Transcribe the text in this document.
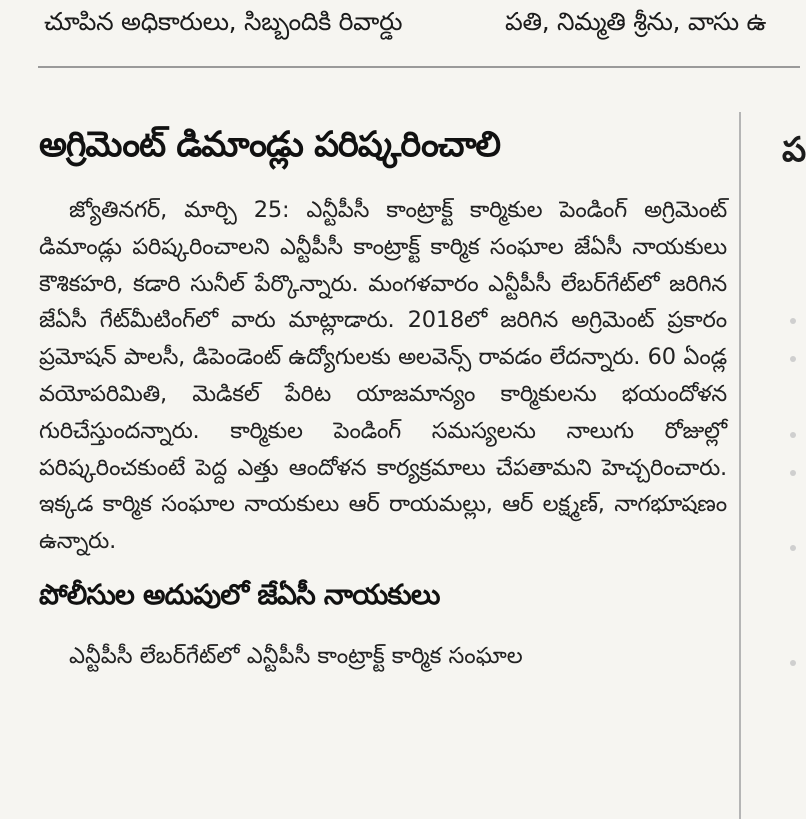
చూపిన అధికారులు, సిబ్బందికి రివార్డు	పతి, నిమ్మతి శ్రీను, వాసు ఉ
ప
అగ్రిమెంట్ డిమాండ్లు పరిష్కరించాలి

జ్యోతినగర్, మార్చి 25: ఎన్టీపీసీ కాంట్రాక్ట్ కార్మికుల పెండింగ్ అగ్రిమెంట్ డిమాండ్లు పరిష్కరించాలని ఎన్టీపీసీ కాంట్రాక్ట్ కార్మిక సంఘాల జేఏసీ నాయకులు కౌశికహరి, కడారి సునీల్ పేర్కొన్నారు. మంగళవారం ఎన్టీపీసీ లేబర్‌గేట్‌లో జరిగిన జేఏసీ గేట్‌మీటింగ్‌లో వారు మాట్లాడారు. 2018లో జరిగిన అగ్రిమెంట్ ప్రకారం ప్రమోషన్ పాలసీ, డిపెండెంట్ ఉద్యోగులకు అలవెన్స్ రావడం లేదన్నారు. 60 ఏండ్ల వయోపరిమితి, మెడికల్ పేరిట యాజమాన్యం కార్మికులను భయందోళన గురిచేస్తుందన్నారు. కార్మికుల పెండింగ్ సమస్యలను నాలుగు రోజుల్లో పరిష్కరించకుంటే పెద్ద ఎత్తు ఆందోళన కార్యక్రమాలు చేపతామని హెచ్చరించారు. ఇక్కడ కార్మిక సంఘాల నాయకులు ఆర్ రాయమల్లు, ఆర్ లక్ష్మణ్, నాగభూషణం ఉన్నారు.

పోలీసుల అదుపులో జేఏసీ నాయకులు

ఎన్టీపీసీ లేబర్‌గేట్‌లో ఎన్టీపీసీ కాంట్రాక్ట్ కార్మిక సంఘాల
